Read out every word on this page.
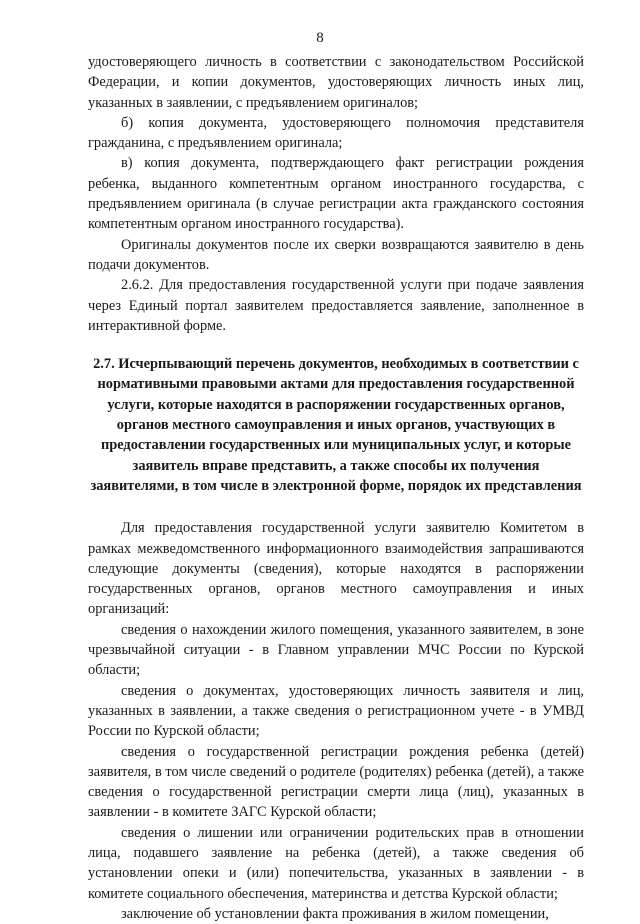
8

удостоверяющего личность в соответствии с законодательством Российской Федерации, и копии документов, удостоверяющих личность иных лиц, указанных в заявлении, с предъявлением оригиналов;

б) копия документа, удостоверяющего полномочия представителя гражданина, с предъявлением оригинала;

в) копия документа, подтверждающего факт регистрации рождения ребенка, выданного компетентным органом иностранного государства, с предъявлением оригинала (в случае регистрации акта гражданского состояния компетентным органом иностранного государства).

Оригиналы документов после их сверки возвращаются заявителю в день подачи документов.

2.6.2. Для предоставления государственной услуги при подаче заявления через Единый портал заявителем предоставляется заявление, заполненное в интерактивной форме.

2.7. Исчерпывающий перечень документов, необходимых в соответствии с нормативными правовыми актами для предоставления государственной услуги, которые находятся в распоряжении государственных органов, органов местного самоуправления и иных органов, участвующих в предоставлении государственных или муниципальных услуг, и которые заявитель вправе представить, а также способы их получения заявителями, в том числе в электронной форме, порядок их представления

Для предоставления государственной услуги заявителю Комитетом в рамках межведомственного информационного взаимодействия запрашиваются следующие документы (сведения), которые находятся в распоряжении государственных органов, органов местного самоуправления и иных организаций:

сведения о нахождении жилого помещения, указанного заявителем, в зоне чрезвычайной ситуации - в Главном управлении МЧС России по Курской области;

сведения о документах, удостоверяющих личность заявителя и лиц, указанных в заявлении, а также сведения о регистрационном учете - в УМВД России по Курской области;

сведения о государственной регистрации рождения ребенка (детей) заявителя, в том числе сведений о родителе (родителях) ребенка (детей), а также сведения о государственной регистрации смерти лица (лиц), указанных в заявлении - в комитете ЗАГС Курской области;

сведения о лишении или ограничении родительских прав в отношении лица, подавшего заявление на ребенка (детей), а также сведения об установлении опеки и (или) попечительства, указанных в заявлении - в комитете социального обеспечения, материнства и детства Курской области;

заключение об установлении факта проживания в жилом помещении,
